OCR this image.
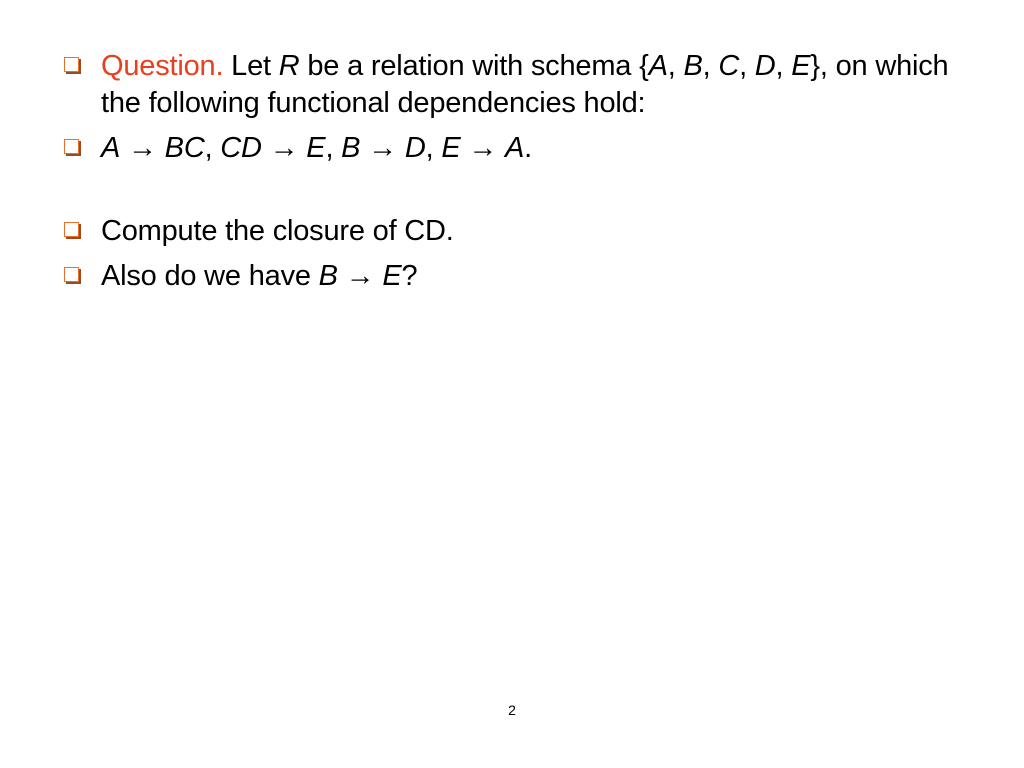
Question. Let R be a relation with schema {A, B, C, D, E}, on which the following functional dependencies hold:
A → BC, CD → E, B → D, E → A.
Compute the closure of CD.
Also do we have B → E?
2
